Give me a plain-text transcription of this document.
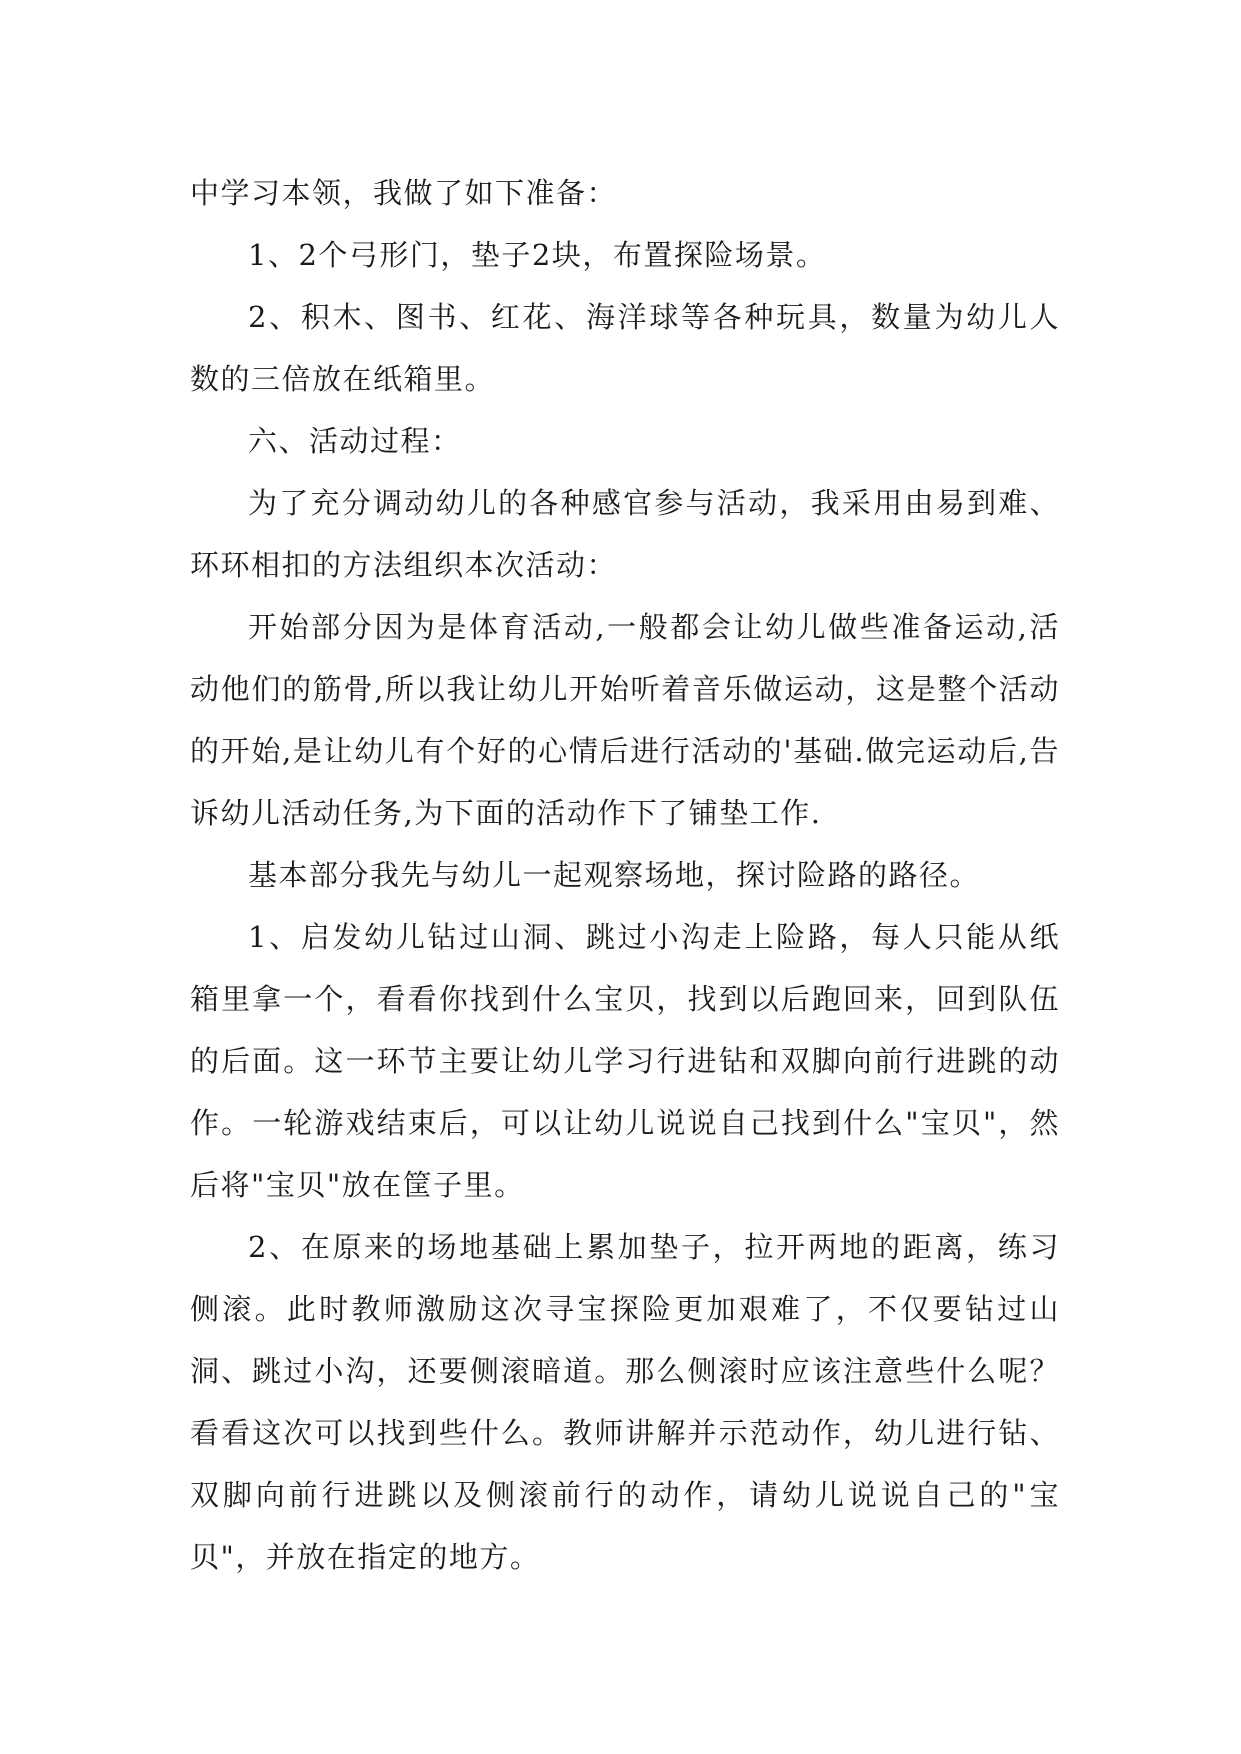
中学习本领，我做了如下准备：

1、2个弓形门，垫子2块，布置探险场景。

2、积木、图书、红花、海洋球等各种玩具，数量为幼儿人数的三倍放在纸箱里。

六、活动过程：

为了充分调动幼儿的各种感官参与活动，我采用由易到难、环环相扣的方法组织本次活动：

开始部分因为是体育活动,一般都会让幼儿做些准备运动,活动他们的筋骨,所以我让幼儿开始听着音乐做运动，这是整个活动的开始,是让幼儿有个好的心情后进行活动的'基础.做完运动后,告诉幼儿活动任务,为下面的活动作下了铺垫工作.

基本部分我先与幼儿一起观察场地，探讨险路的路径。

1、启发幼儿钻过山洞、跳过小沟走上险路，每人只能从纸箱里拿一个，看看你找到什么宝贝，找到以后跑回来，回到队伍的后面。这一环节主要让幼儿学习行进钻和双脚向前行进跳的动作。一轮游戏结束后，可以让幼儿说说自己找到什么"宝贝"，然后将"宝贝"放在筐子里。

2、在原来的场地基础上累加垫子，拉开两地的距离，练习侧滚。此时教师激励这次寻宝探险更加艰难了，不仅要钻过山洞、跳过小沟，还要侧滚暗道。那么侧滚时应该注意些什么呢？看看这次可以找到些什么。教师讲解并示范动作，幼儿进行钻、双脚向前行进跳以及侧滚前行的动作，请幼儿说说自己的"宝贝"，并放在指定的地方。
